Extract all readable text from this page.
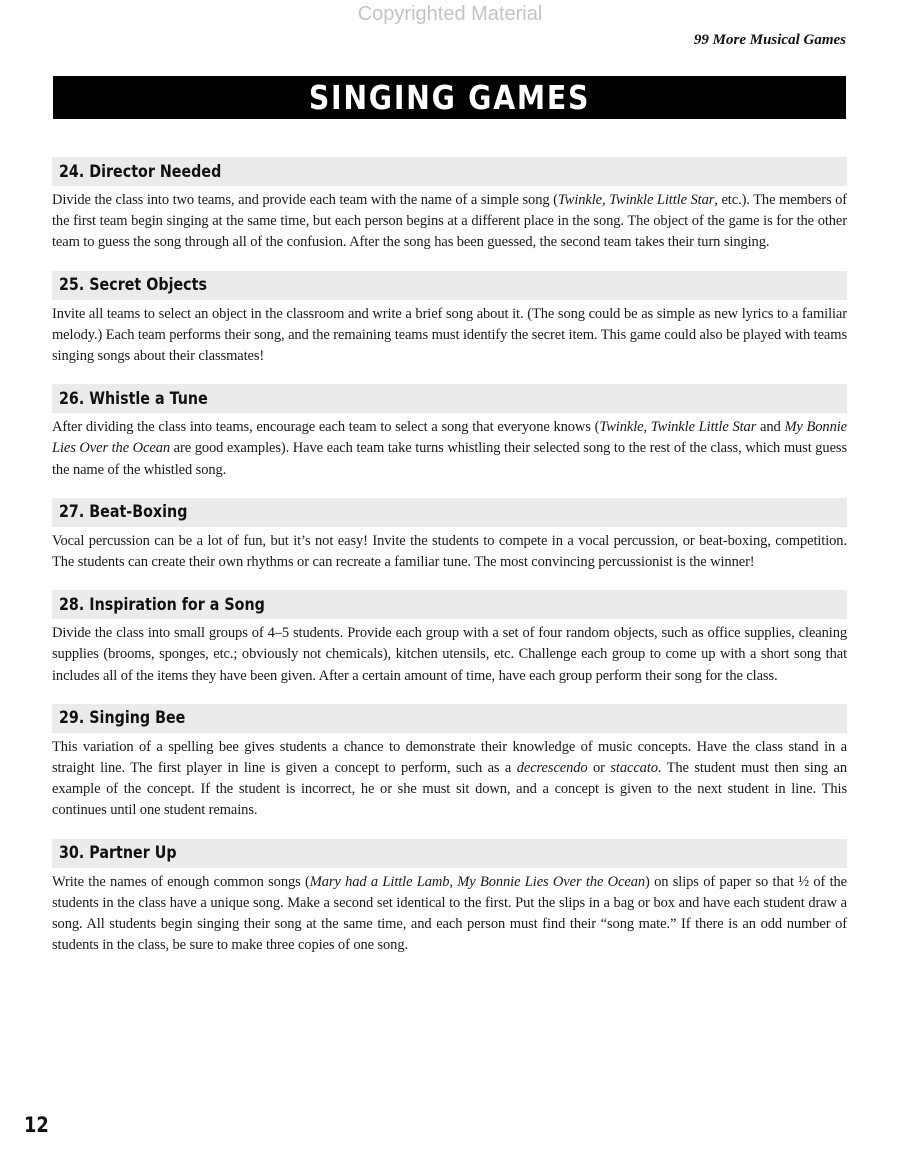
Copyrighted Material
99 More Musical Games
SINGING GAMES
24. Director Needed

Divide the class into two teams, and provide each team with the name of a simple song (Twinkle, Twinkle Little Star, etc.). The members of the first team begin singing at the same time, but each person begins at a different place in the song. The object of the game is for the other team to guess the song through all of the confusion. After the song has been guessed, the second team takes their turn singing.

25. Secret Objects

Invite all teams to select an object in the classroom and write a brief song about it. (The song could be as simple as new lyrics to a familiar melody.) Each team performs their song, and the remaining teams must identify the secret item. This game could also be played with teams singing songs about their classmates!

26. Whistle a Tune

After dividing the class into teams, encourage each team to select a song that everyone knows (Twinkle, Twinkle Little Star and My Bonnie Lies Over the Ocean are good examples). Have each team take turns whistling their selected song to the rest of the class, which must guess the name of the whistled song.

27. Beat-Boxing

Vocal percussion can be a lot of fun, but it’s not easy! Invite the students to compete in a vocal percussion, or beat-boxing, competition. The students can create their own rhythms or can recreate a familiar tune. The most convincing percussionist is the winner!

28. Inspiration for a Song

Divide the class into small groups of 4–5 students. Provide each group with a set of four random objects, such as office supplies, cleaning supplies (brooms, sponges, etc.; obviously not chemicals), kitchen utensils, etc. Challenge each group to come up with a short song that includes all of the items they have been given. After a certain amount of time, have each group perform their song for the class.

29. Singing Bee

This variation of a spelling bee gives students a chance to demonstrate their knowledge of music concepts. Have the class stand in a straight line. The first player in line is given a concept to perform, such as a decrescendo or staccato. The student must then sing an example of the concept. If the student is incorrect, he or she must sit down, and a concept is given to the next student in line. This continues until one student remains.

30. Partner Up

Write the names of enough common songs (Mary had a Little Lamb, My Bonnie Lies Over the Ocean) on slips of paper so that ½ of the students in the class have a unique song. Make a second set identical to the first. Put the slips in a bag or box and have each student draw a song. All students begin singing their song at the same time, and each person must find their “song mate.” If there is an odd number of students in the class, be sure to make three copies of one song.

12
